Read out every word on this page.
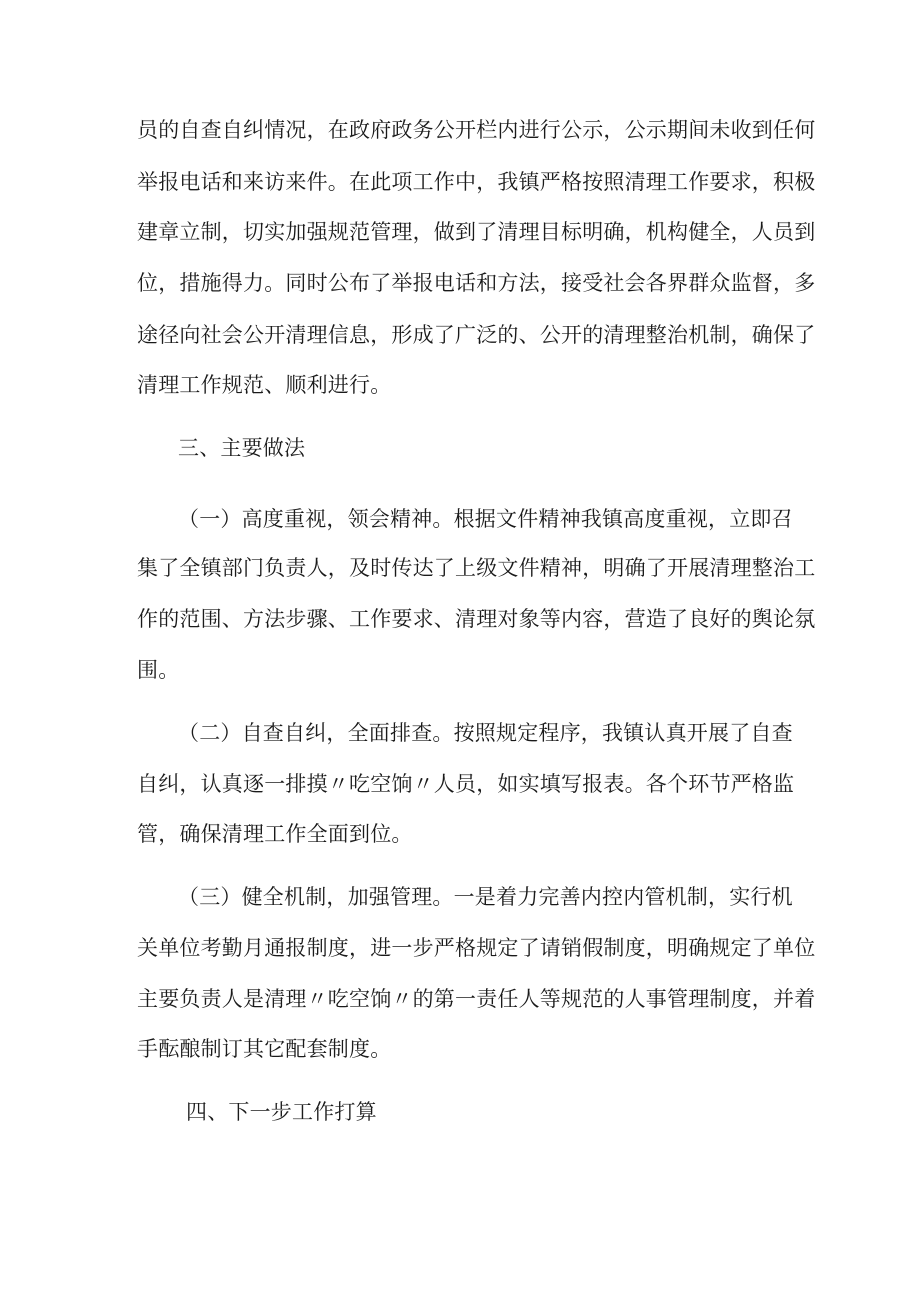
员的自查自纠情况，在政府政务公开栏内进行公示，公示期间未收到任何

举报电话和来访来件。在此项工作中，我镇严格按照清理工作要求，积极

建章立制，切实加强规范管理，做到了清理目标明确，机构健全，人员到

位，措施得力。同时公布了举报电话和方法，接受社会各界群众监督，多

途径向社会公开清理信息，形成了广泛的、公开的清理整治机制，确保了

清理工作规范、顺利进行。

三、主要做法

（一）高度重视，领会精神。根据文件精神我镇高度重视，立即召

集了全镇部门负责人，及时传达了上级文件精神，明确了开展清理整治工

作的范围、方法步骤、工作要求、清理对象等内容，营造了良好的舆论氛

围。

（二）自查自纠，全面排查。按照规定程序，我镇认真开展了自查

自纠，认真逐一排摸〃吃空饷〃人员，如实填写报表。各个环节严格监

管，确保清理工作全面到位。

（三）健全机制，加强管理。一是着力完善内控内管机制，实行机

关单位考勤月通报制度，进一步严格规定了请销假制度，明确规定了单位

主要负责人是清理〃吃空饷〃的第一责任人等规范的人事管理制度，并着

手酝酿制订其它配套制度。

四、下一步工作打算
